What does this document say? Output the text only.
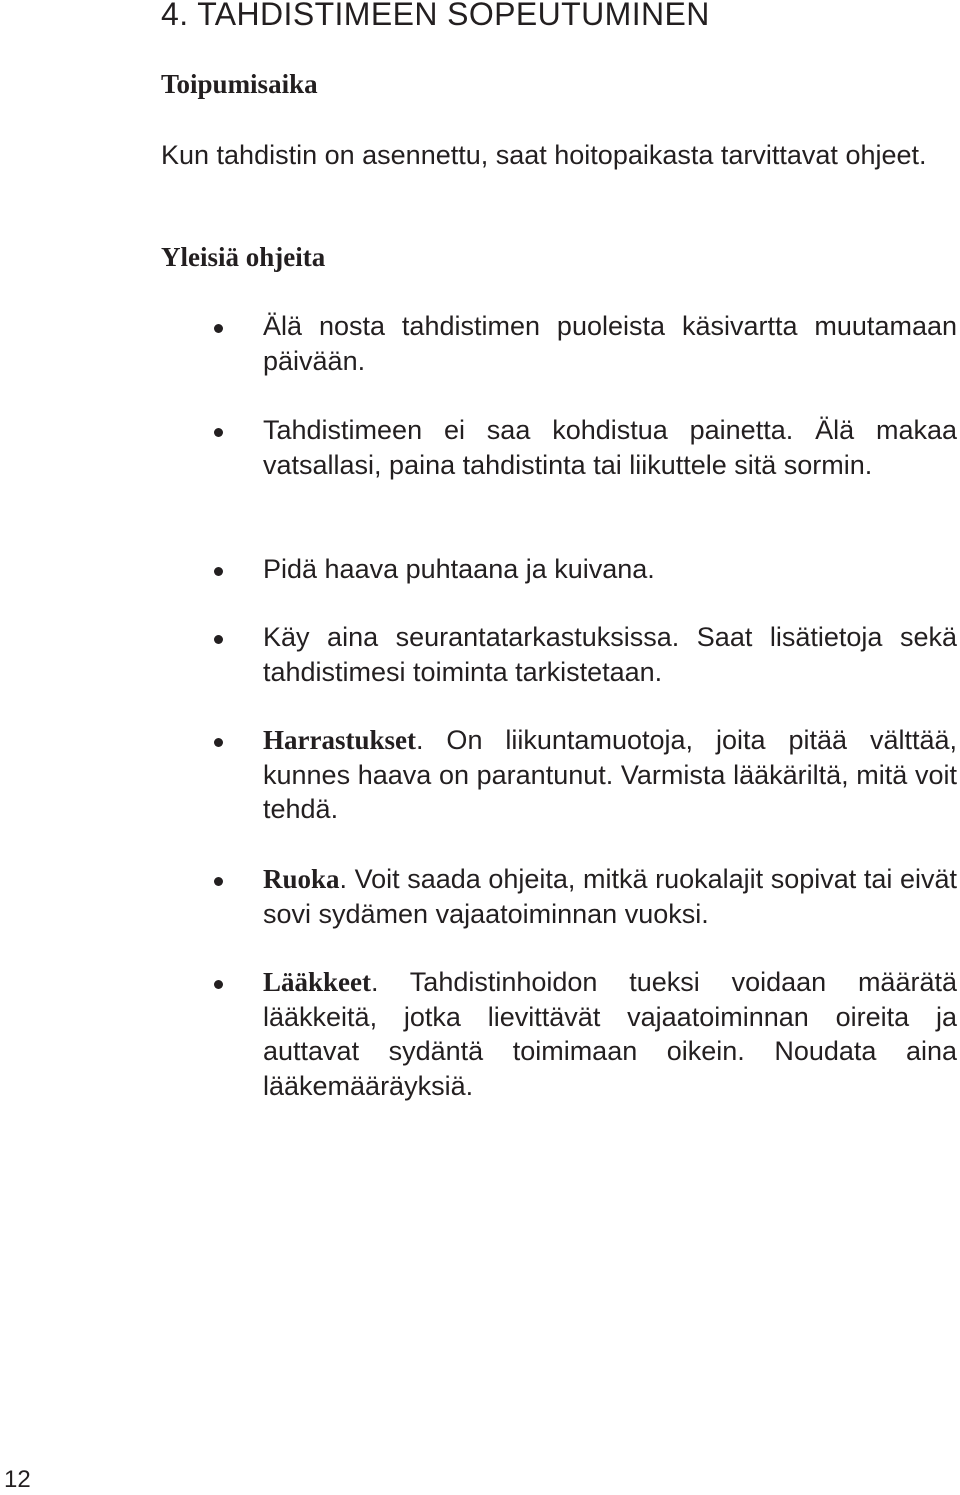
4. TAHDISTIMEEN SOPEUTUMINEN
Toipumisaika

Kun tahdistin on asennettu, saat hoitopaikasta tarvittavat ohjeet.

Yleisiä ohjeita

Älä nosta tahdistimen puoleista käsivartta muutamaan päivään.

Tahdistimeen ei saa kohdistua painetta. Älä makaa vatsallasi, paina tahdistinta tai liikuttele sitä sormin.

Pidä haava puhtaana ja kuivana.

Käy aina seurantatarkastuksissa. Saat lisätietoja sekä tahdistimesi toiminta tarkistetaan.

Harrastukset. On liikuntamuotoja, joita pitää välttää, kunnes haava on parantunut. Varmista lääkäriltä, mitä voit tehdä.

Ruoka. Voit saada ohjeita, mitkä ruokalajit sopivat tai eivät sovi sydämen vajaatoiminnan vuoksi.

Lääkkeet. Tahdistinhoidon tueksi voidaan määrätä lääkkeitä, jotka lievittävät vajaatoiminnan oireita ja auttavat sydäntä toimimaan oikein. Noudata aina lääkemääräyksiä.

12
